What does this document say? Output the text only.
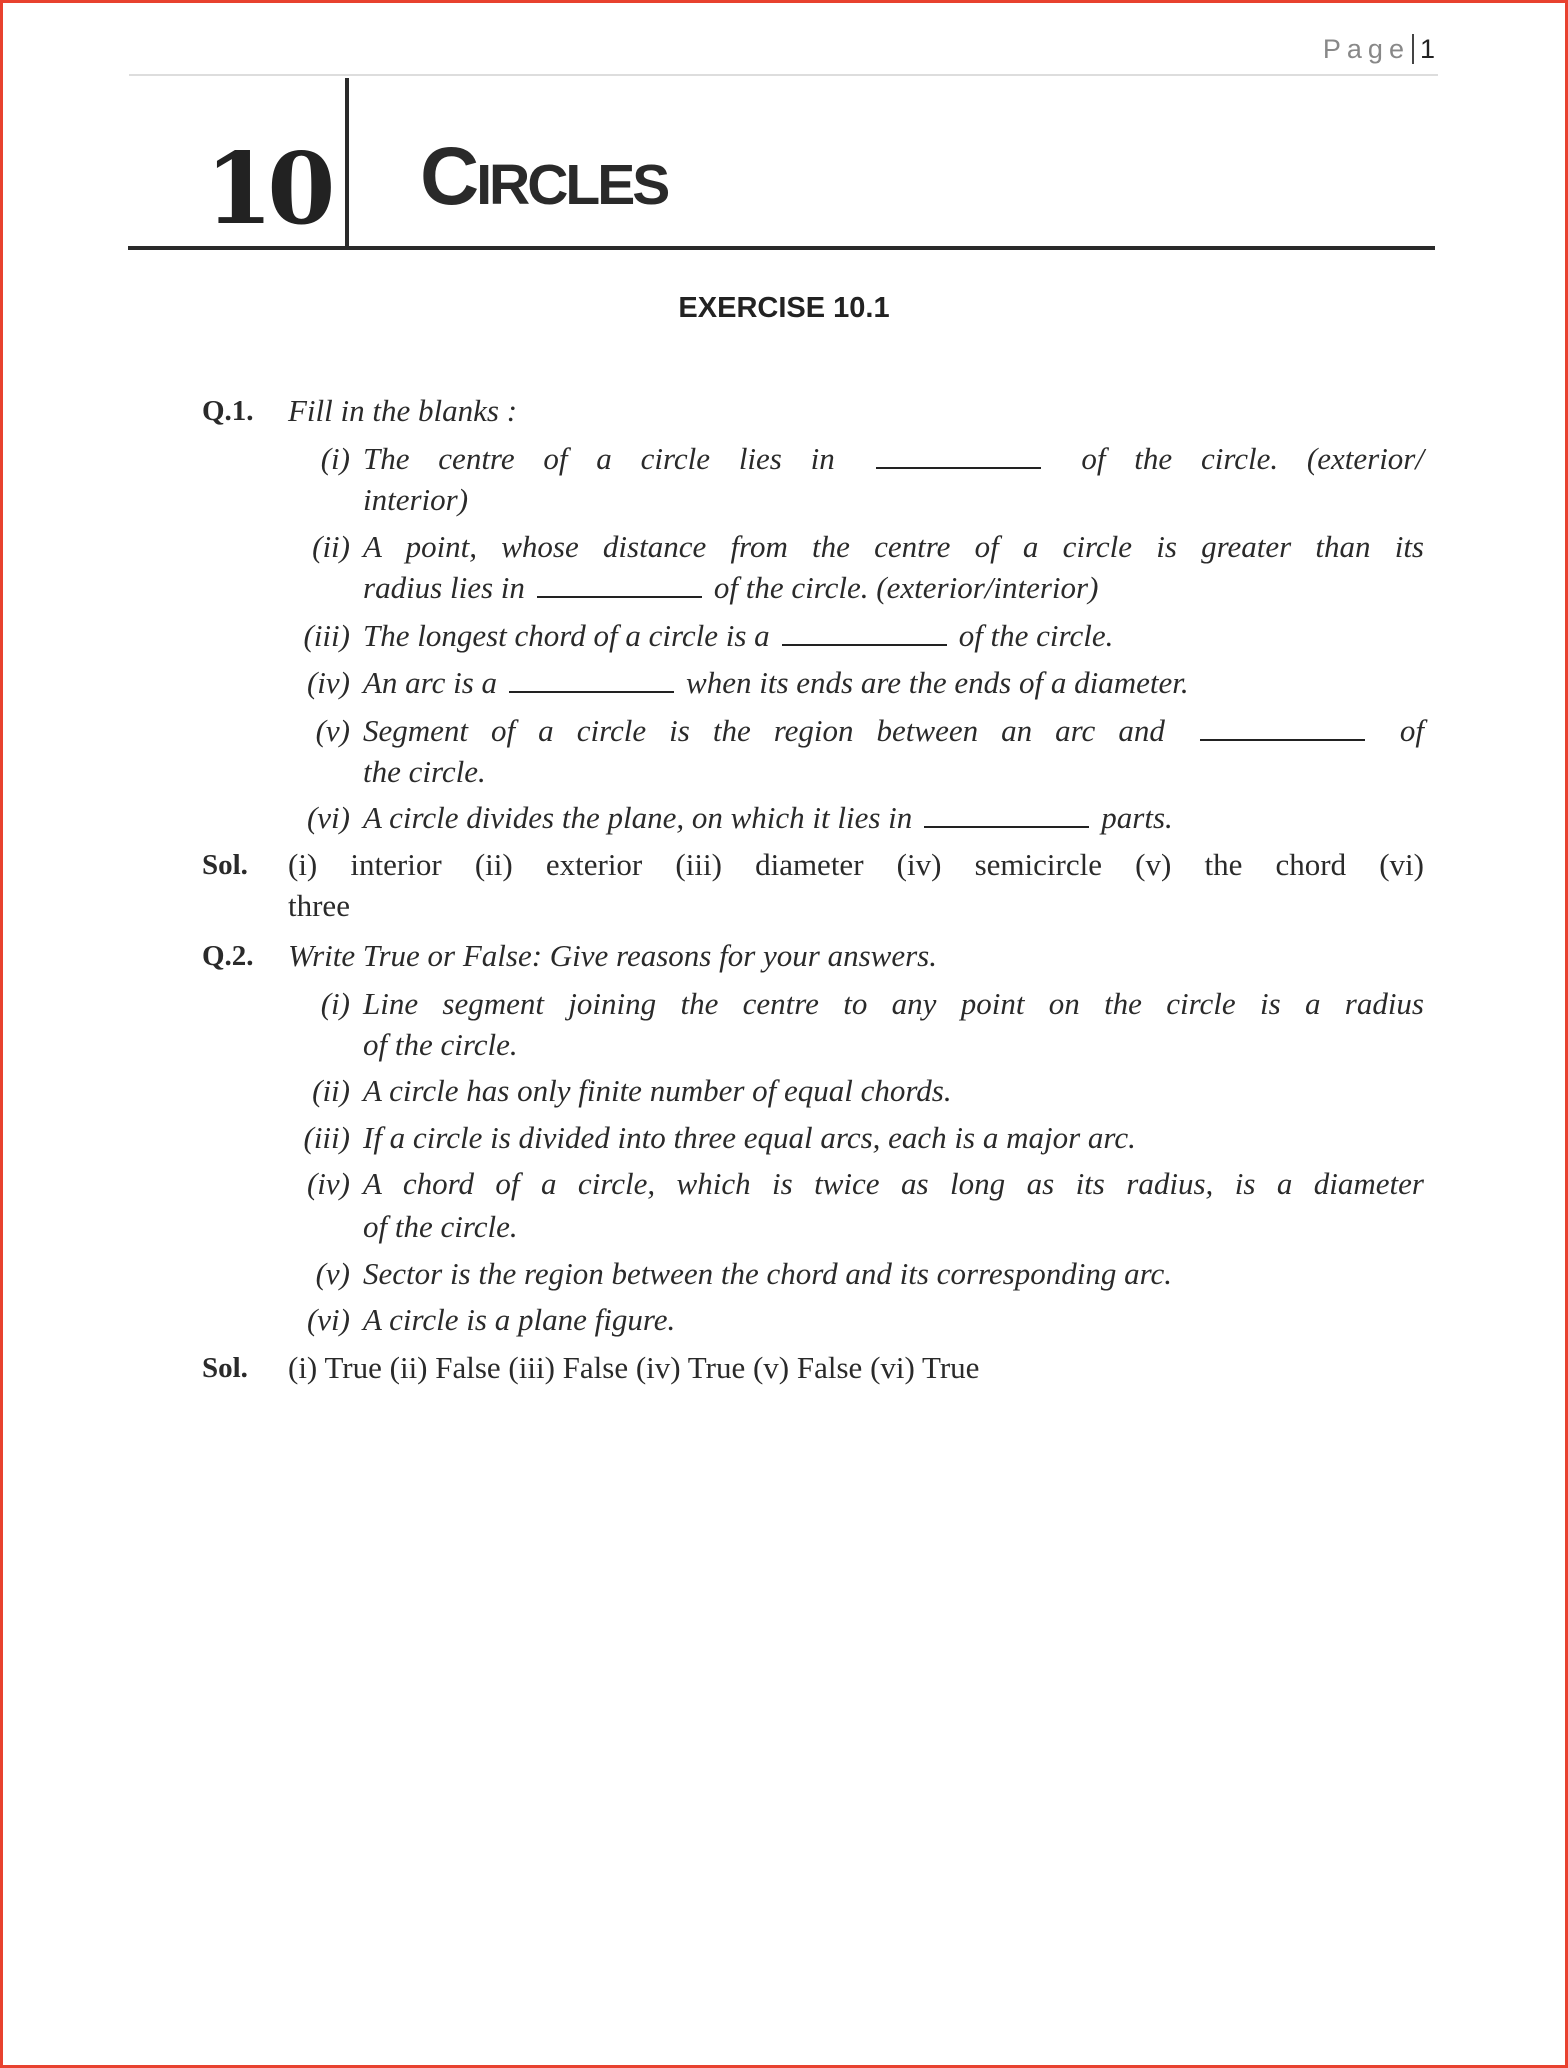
Page 1
10 Circles
EXERCISE 10.1
Q.1. Fill in the blanks :
(i) The centre of a circle lies in	of the circle. (exterior/
interior)
(ii) A point, whose distance from the centre of a circle is greater than its
radius lies in	of the circle. (exterior/interior)
(iii) The longest chord of a circle is a	of the circle.
(iv) An arc is a	when its ends are the ends of a diameter.
(v) Segment of a circle is the region between an arc and	of
the circle.
(vi) A circle divides the plane, on which it lies in	parts.
Sol. (i) interior (ii) exterior (iii) diameter (iv) semicircle (v) the chord (vi)
three
Q.2. Write True or False: Give reasons for your answers.
(i) Line segment joining the centre to any point on the circle is a radius
of the circle.
(ii) A circle has only finite number of equal chords.
(iii) If a circle is divided into three equal arcs, each is a major arc.
(iv) A chord of a circle, which is twice as long as its radius, is a diameter
of the circle.
(v) Sector is the region between the chord and its corresponding arc.
(vi) A circle is a plane figure.
Sol. (i) True (ii) False (iii) False (iv) True (v) False (vi) True
